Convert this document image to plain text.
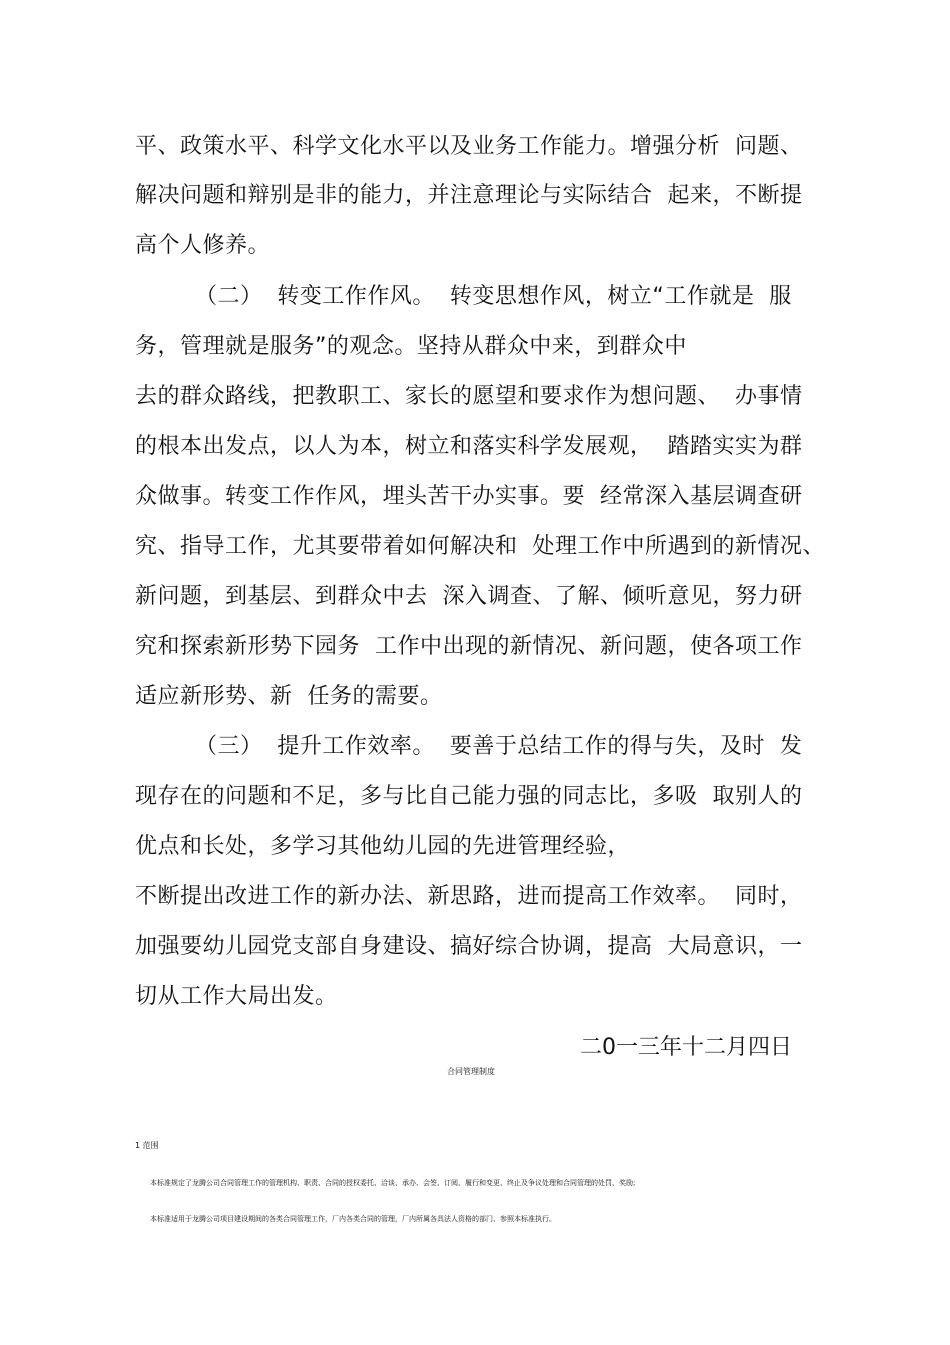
平、政策水平、科学文化水平以及业务工作能力。增强分析  问题、
解决问题和辩别是非的能力，并注意理论与实际结合  起来，不断提
高个人修养。
（二）  转变工作作风。  转变思想作风，树立“工作就是  服
务，管理就是服务”的观念。坚持从群众中来，到群众中
去的群众路线，把教职工、家长的愿望和要求作为想问题、  办事情
的根本出发点，以人为本，树立和落实科学发展观，  踏踏实实为群
众做事。转变工作作风，埋头苦干办实事。要  经常深入基层调查研
究、指导工作，尤其要带着如何解决和  处理工作中所遇到的新情况、
新问题，到基层、到群众中去  深入调查、了解、倾听意见，努力研
究和探索新形势下园务  工作中出现的新情况、新问题，使各项工作
适应新形势、新  任务的需要。
（三）  提升工作效率。  要善于总结工作的得与失，及时  发
现存在的问题和不足，多与比自己能力强的同志比，多吸  取别人的
优点和长处，多学习其他幼儿园的先进管理经验，
不断提出改进工作的新办法、新思路，进而提高工作效率。  同时，
加强要幼儿园党支部自身建设、搞好综合协调，提高  大局意识，一
切从工作大局出发。
二0一三年十二月四日
合同管理制度
1 范围
本标准规定了龙腾公司合同管理工作的管理机构、职责、合同的授权委托、洽谈、承办、会签、订阅、履行和变更、终止及争议处理和合同管理的处罚、奖励;
本标准适用于龙腾公司项目建设期间的各类合同管理工作，厂内各类合同的管理，厂内所属各具法人资格的部门、参照本标准执行。
